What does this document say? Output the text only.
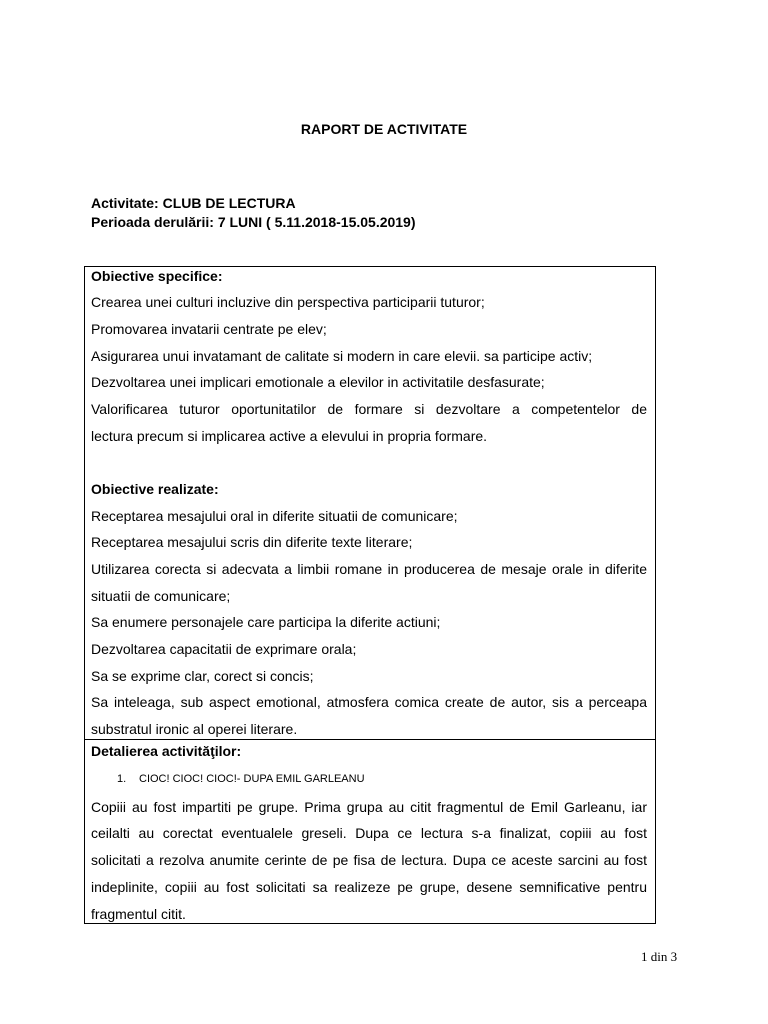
RAPORT DE ACTIVITATE
Activitate: CLUB DE LECTURA
Perioada derulării: 7 LUNI ( 5.11.2018-15.05.2019)
Obiective specifice:
Crearea unei culturi incluzive din perspectiva participarii tuturor;
Promovarea invatarii centrate pe elev;
Asigurarea unui invatamant de calitate si modern in care elevii. sa participe activ;
Dezvoltarea unei implicari emotionale a elevilor in activitatile desfasurate;
Valorificarea tuturor oportunitatilor de formare si dezvoltare a competentelor de
lectura precum si implicarea active a elevului in propria formare.
Obiective realizate:
Receptarea mesajului oral in diferite situatii de comunicare;
Receptarea mesajului scris din diferite texte literare;
Utilizarea corecta si adecvata a limbii romane in producerea de mesaje orale in diferite
situatii de comunicare;
Sa enumere personajele care participa la diferite actiuni;
Dezvoltarea capacitatii de exprimare orala;
Sa se exprime clar, corect si concis;
Sa inteleaga, sub aspect emotional, atmosfera comica create de autor, sis a perceapa
substratul ironic al operei literare.
Detalierea activităţilor:
1. CIOC! CIOC! CIOC!- DUPA EMIL GARLEANU
Copiii au fost impartiti pe grupe. Prima grupa au citit fragmentul de Emil Garleanu, iar
ceilalti au corectat eventualele greseli. Dupa ce lectura s-a finalizat, copiii au fost
solicitati a rezolva anumite cerinte de pe fisa de lectura. Dupa ce aceste sarcini au fost
indeplinite, copiii au fost solicitati sa realizeze pe grupe, desene semnificative pentru
fragmentul citit.
1 din 3
